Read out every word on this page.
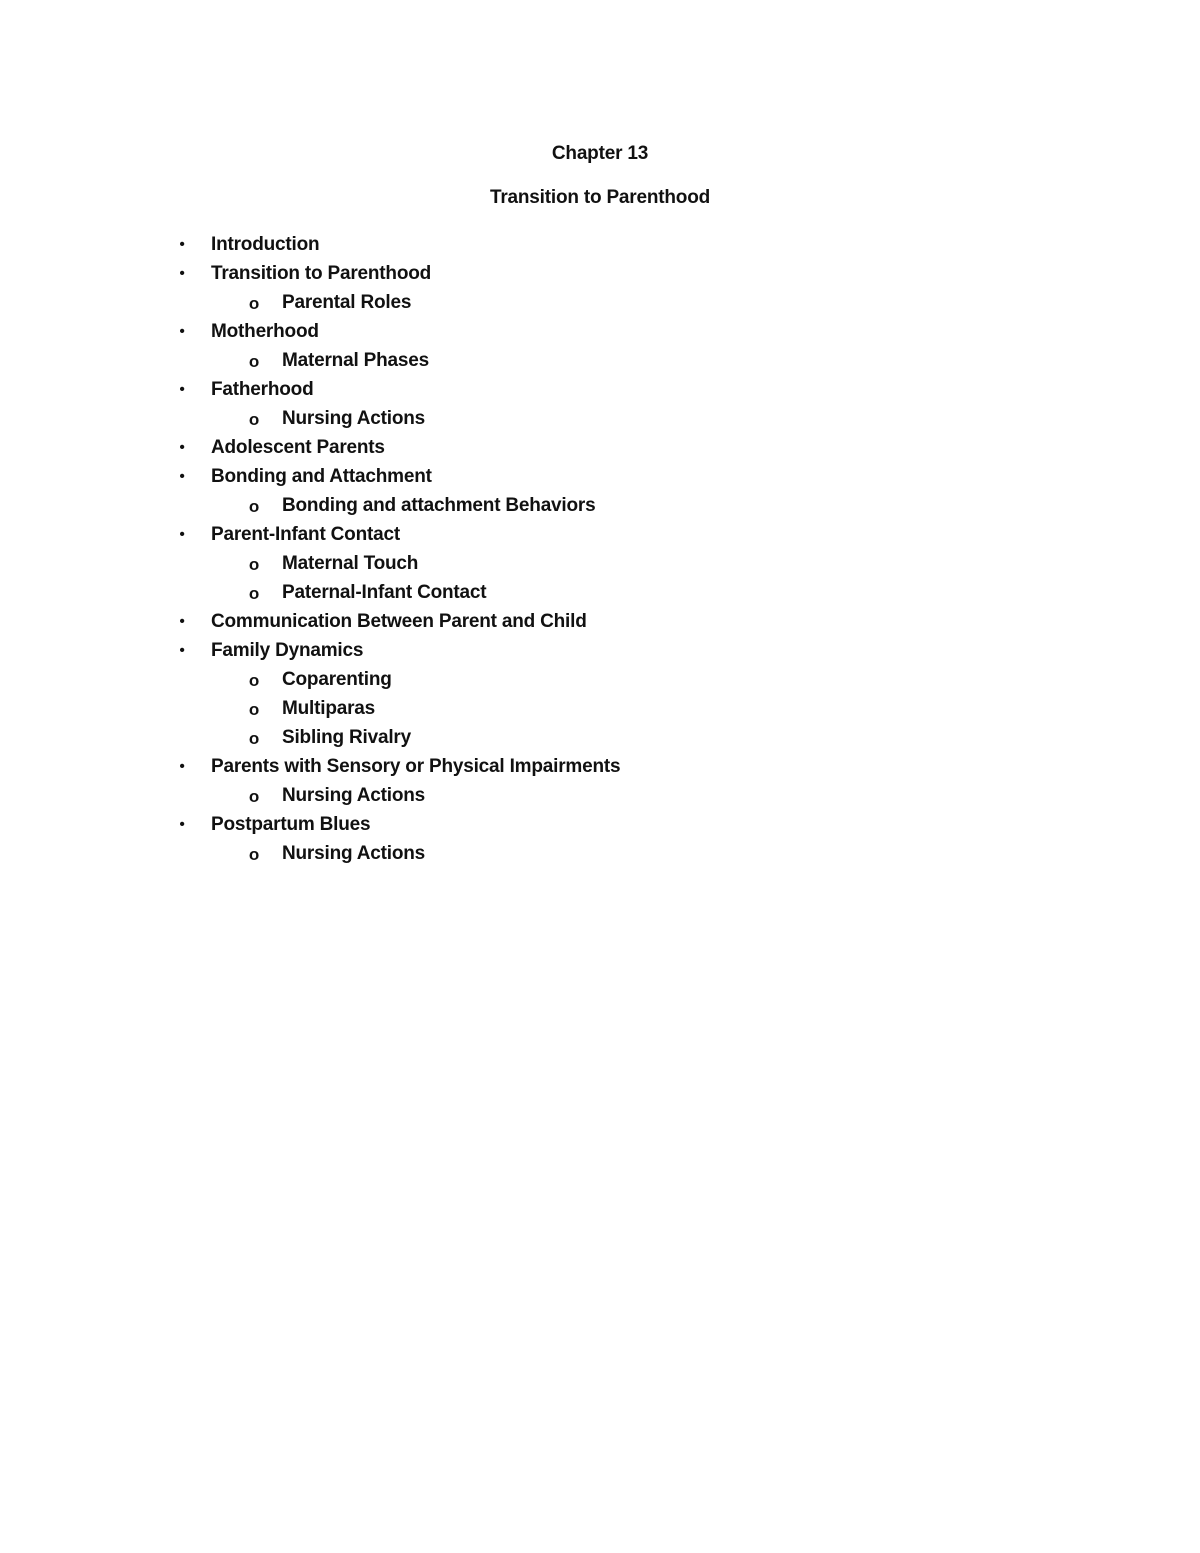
Chapter 13
Transition to Parenthood
• Introduction
• Transition to Parenthood
o Parental Roles
• Motherhood
o Maternal Phases
• Fatherhood
o Nursing Actions
• Adolescent Parents
• Bonding and Attachment
o Bonding and attachment Behaviors
• Parent-Infant Contact
o Maternal Touch
o Paternal-Infant Contact
• Communication Between Parent and Child
• Family Dynamics
o Coparenting
o Multiparas
o Sibling Rivalry
• Parents with Sensory or Physical Impairments
o Nursing Actions
• Postpartum Blues
o Nursing Actions
